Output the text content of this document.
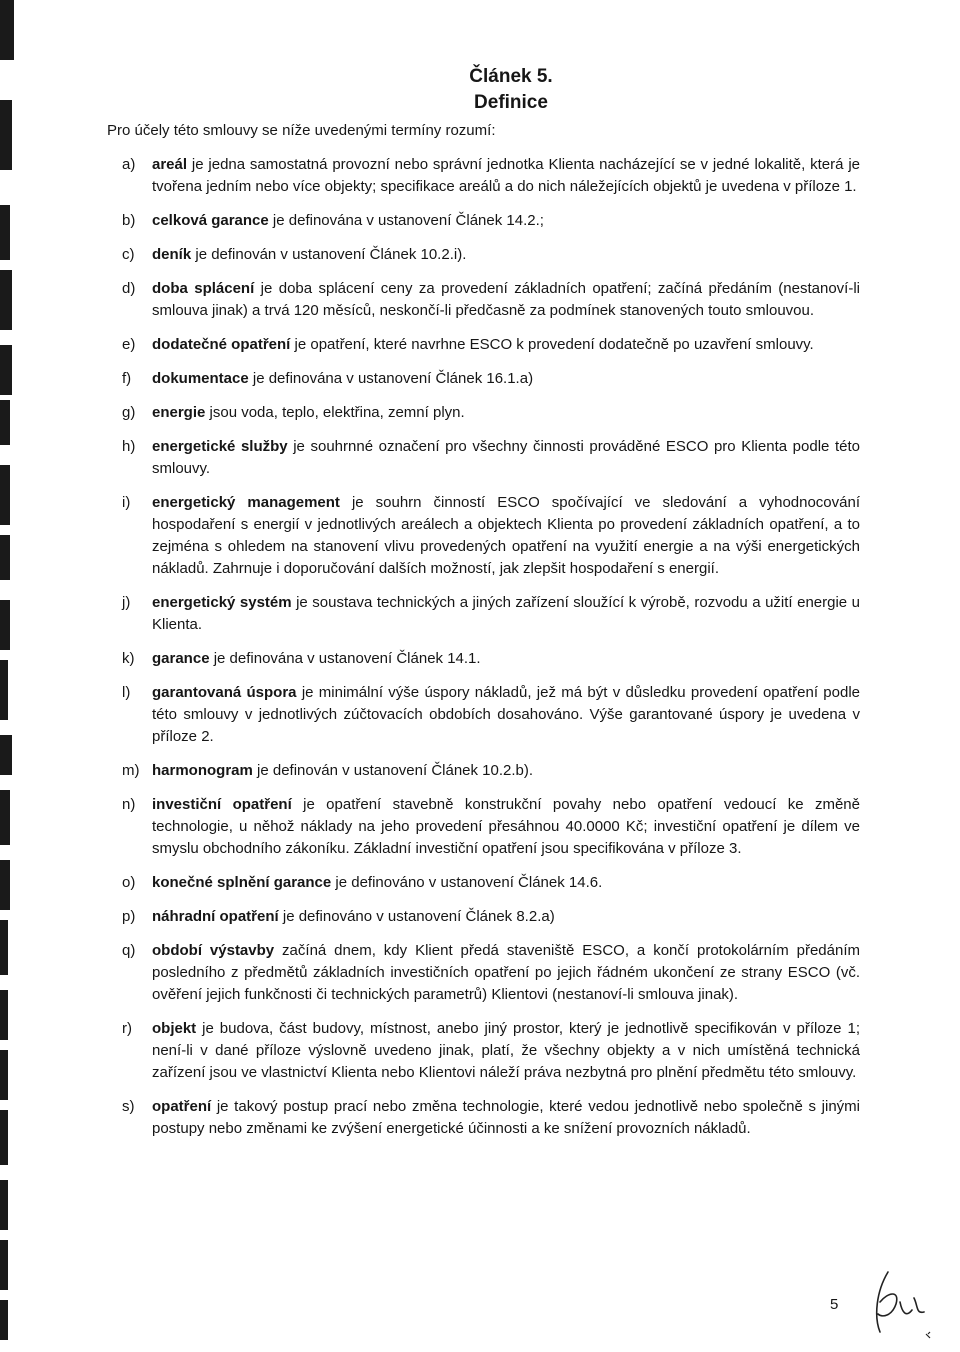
Článek 5.
Definice
Pro účely této smlouvy se níže uvedenými termíny rozumí:
a) areál je jedna samostatná provozní nebo správní jednotka Klienta nacházející se v jedné lokalitě, která je tvořena jedním nebo více objekty; specifikace areálů a do nich náležejících objektů je uvedena v příloze 1.
b) celková garance je definována v ustanovení Článek 14.2.;
c) deník je definován v ustanovení Článek 10.2.i).
d) doba splácení je doba splácení ceny za provedení základních opatření; začíná předáním (nestanoví-li smlouva jinak) a trvá 120 měsíců, neskončí-li předčasně za podmínek stanovených touto smlouvou.
e) dodatečné opatření je opatření, které navrhne ESCO k provedení dodatečně po uzavření smlouvy.
f) dokumentace je definována v ustanovení Článek 16.1.a)
g) energie jsou voda, teplo, elektřina, zemní plyn.
h) energetické služby je souhrnné označení pro všechny činnosti prováděné ESCO pro Klienta podle této smlouvy.
i) energetický management je souhrn činností ESCO spočívající ve sledování a vyhodnocování hospodaření s energií v jednotlivých areálech a objektech Klienta po provedení základních opatření, a to zejména s ohledem na stanovení vlivu provedených opatření na využití energie a na výši energetických nákladů. Zahrnuje i doporučování dalších možností, jak zlepšit hospodaření s energií.
j) energetický systém je soustava technických a jiných zařízení sloužící k výrobě, rozvodu a užití energie u Klienta.
k) garance je definována v ustanovení Článek 14.1.
l) garantovaná úspora je minimální výše úspory nákladů, jež má být v důsledku provedení opatření podle této smlouvy v jednotlivých zúčtovacích obdobích dosahováno. Výše garantované úspory je uvedena v příloze 2.
m) harmonogram je definován v ustanovení Článek 10.2.b).
n) investiční opatření je opatření stavebně konstrukční povahy nebo opatření vedoucí ke změně technologie, u něhož náklady na jeho provedení přesáhnou 40.0000 Kč; investiční opatření je dílem ve smyslu obchodního zákoníku. Základní investiční opatření jsou specifikována v příloze 3.
o) konečné splnění garance je definováno v ustanovení Článek 14.6.
p) náhradní opatření je definováno v ustanovení Článek 8.2.a)
q) období výstavby začíná dnem, kdy Klient předá staveniště ESCO, a končí protokolárním předáním posledního z předmětů základních investičních opatření po jejich řádném ukončení ze strany ESCO (vč. ověření jejich funkčnosti či technických parametrů) Klientovi (nestanoví-li smlouva jinak).
r) objekt je budova, část budovy, místnost, anebo jiný prostor, který je jednotlivě specifikován v příloze 1; není-li v dané příloze výslovně uvedeno jinak, platí, že všechny objekty a v nich umístěná technická zařízení jsou ve vlastnictví Klienta nebo Klientovi náleží práva nezbytná pro plnění předmětu této smlouvy.
s) opatření je takový postup prací nebo změna technologie, které vedou jednotlivě nebo společně s jinými postupy nebo změnami ke zvýšení energetické účinnosti a ke snížení provozních nákladů.
5
